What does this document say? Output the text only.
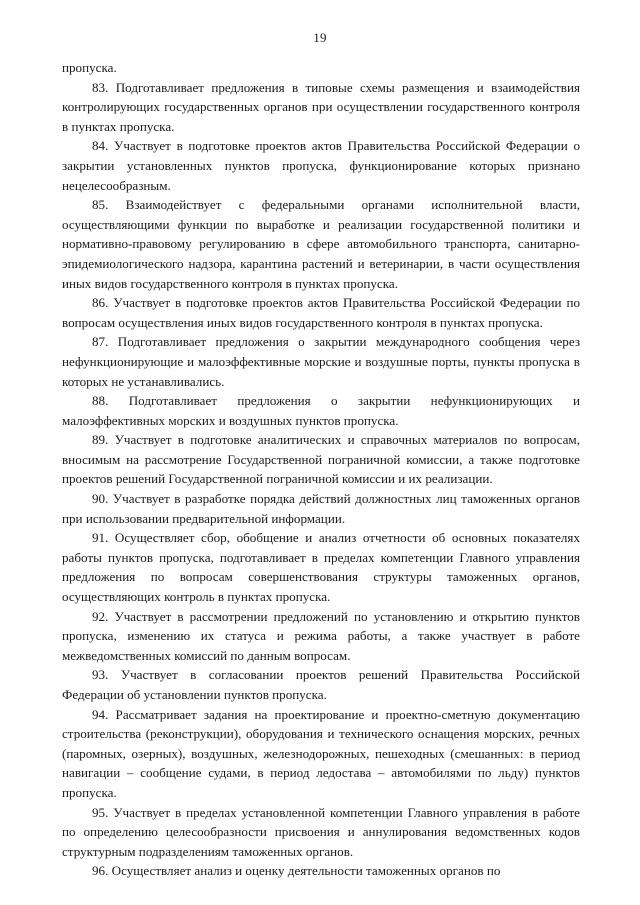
19

пропуска.

83. Подготавливает предложения в типовые схемы размещения и взаимодействия контролирующих государственных органов при осуществлении государственного контроля в пунктах пропуска.

84. Участвует в подготовке проектов актов Правительства Российской Федерации о закрытии установленных пунктов пропуска, функционирование которых признано нецелесообразным.

85. Взаимодействует с федеральными органами исполнительной власти, осуществляющими функции по выработке и реализации государственной политики и нормативно-правовому регулированию в сфере автомобильного транспорта, санитарно-эпидемиологического надзора, карантина растений и ветеринарии, в части осуществления иных видов государственного контроля в пунктах пропуска.

86. Участвует в подготовке проектов актов Правительства Российской Федерации по вопросам осуществления иных видов государственного контроля в пунктах пропуска.

87. Подготавливает предложения о закрытии международного сообщения через нефункционирующие и малоэффективные морские и воздушные порты, пункты пропуска в которых не устанавливались.

88. Подготавливает предложения о закрытии нефункционирующих и малоэффективных морских и воздушных пунктов пропуска.

89. Участвует в подготовке аналитических и справочных материалов по вопросам, вносимым на рассмотрение Государственной пограничной комиссии, а также подготовке проектов решений Государственной пограничной комиссии и их реализации.

90. Участвует в разработке порядка действий должностных лиц таможенных органов при использовании предварительной информации.

91. Осуществляет сбор, обобщение и анализ отчетности об основных показателях работы пунктов пропуска, подготавливает в пределах компетенции Главного управления предложения по вопросам совершенствования структуры таможенных органов, осуществляющих контроль в пунктах пропуска.

92. Участвует в рассмотрении предложений по установлению и открытию пунктов пропуска, изменению их статуса и режима работы, а также участвует в работе межведомственных комиссий по данным вопросам.

93. Участвует в согласовании проектов решений Правительства Российской Федерации об установлении пунктов пропуска.

94. Рассматривает задания на проектирование и проектно-сметную документацию строительства (реконструкции), оборудования и технического оснащения морских, речных (паромных, озерных), воздушных, железнодорожных, пешеходных (смешанных: в период навигации – сообщение судами, в период ледостава – автомобилями по льду) пунктов пропуска.

95. Участвует в пределах установленной компетенции Главного управления в работе по определению целесообразности присвоения и аннулирования ведомственных кодов структурным подразделениям таможенных органов.

96. Осуществляет анализ и оценку деятельности таможенных органов по
